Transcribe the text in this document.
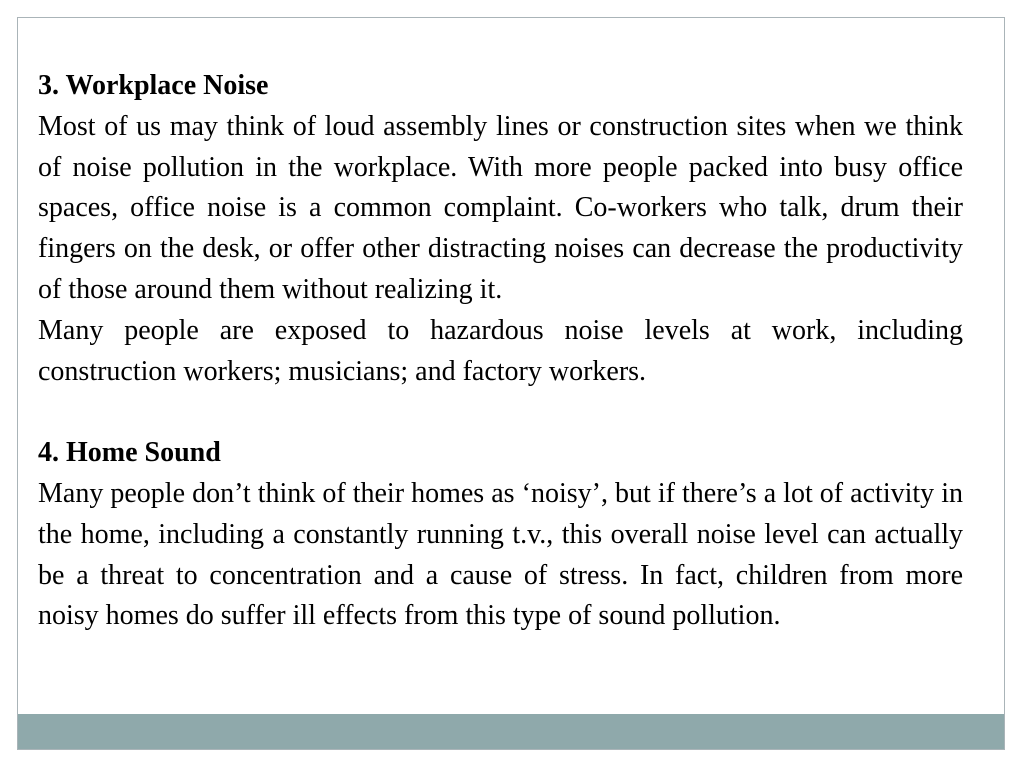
3. Workplace Noise

Most of us may think of loud assembly lines or construction sites when we think of noise pollution in the workplace. With more people packed into busy office spaces, office noise is a common complaint. Co-workers who talk, drum their fingers on the desk, or offer other distracting noises can decrease the productivity of those around them without realizing it.

Many people are exposed to hazardous noise levels at work, including construction workers; musicians; and factory workers.

4. Home Sound

Many people don’t think of their homes as ‘noisy’, but if there’s a lot of activity in the home, including a constantly running t.v., this overall noise level can actually be a threat to concentration and a cause of stress. In fact, children from more noisy homes do suffer ill effects from this type of sound pollution.
